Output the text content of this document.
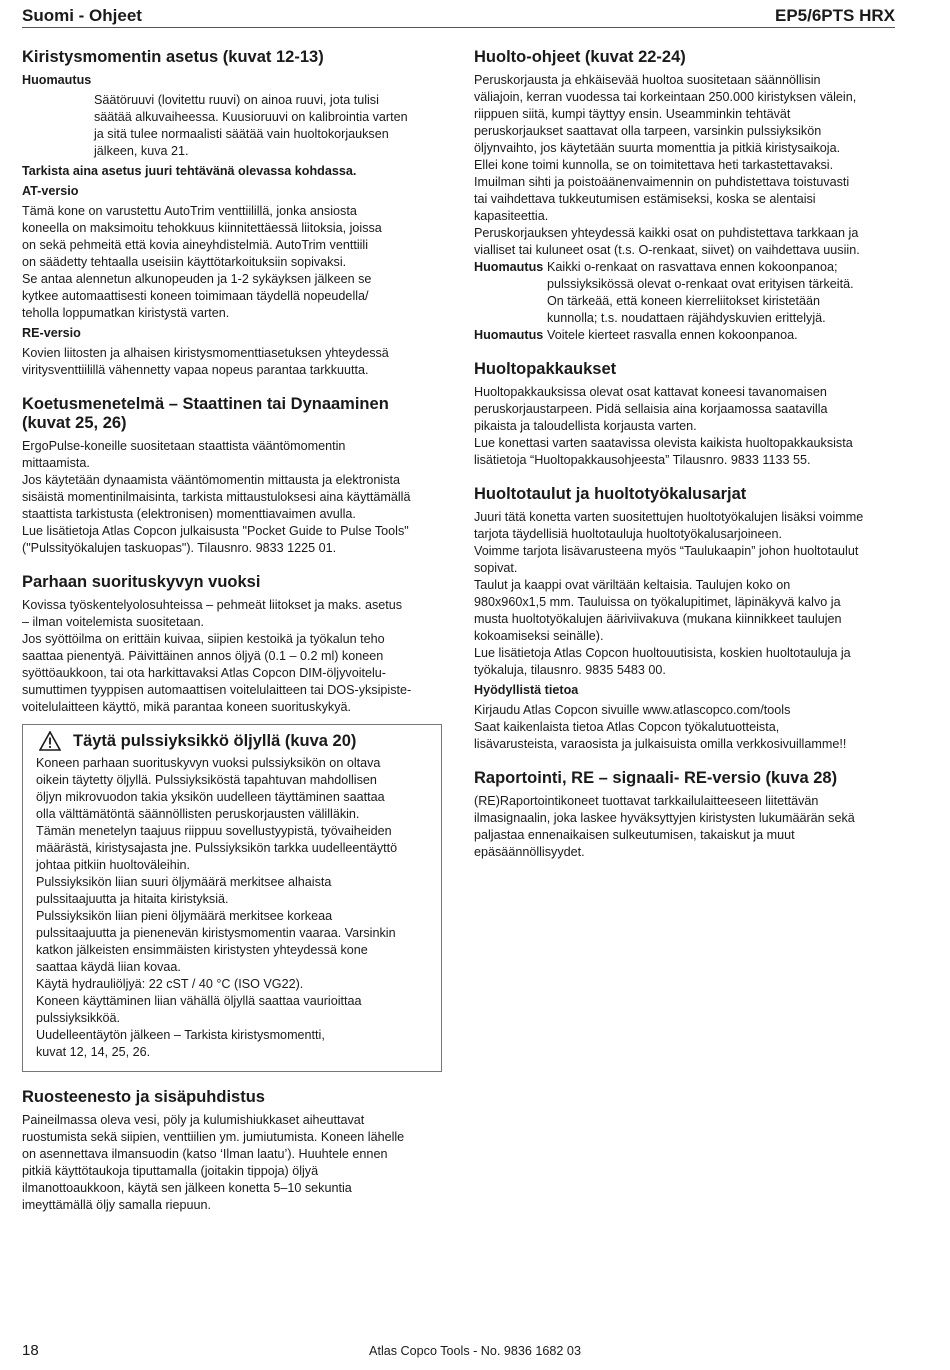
Suomi - Ohjeet	EP5/6PTS HRX
Kiristysmomentin asetus (kuvat 12-13)
Huomautus

Säätöruuvi (lovitettu ruuvi) on ainoa ruuvi, jota tulisi

säätää alkuvaiheessa. Kuusioruuvi on kalibrointia varten

ja sitä tulee normaalisti säätää vain huoltokorjauksen

jälkeen, kuva 21.

Tarkista aina asetus juuri tehtävänä olevassa kohdassa.
AT-versio

Tämä kone on varustettu AutoTrim venttiilillä, jonka ansiosta

koneella on maksimoitu tehokkuus kiinnitettäessä liitoksia, joissa

on sekä pehmeitä että kovia aineyhdistelmiä. AutoTrim venttiili

on säädetty tehtaalla useisiin käyttötarkoituksiin sopivaksi.

Se antaa alennetun alkunopeuden ja 1-2 sykäyksen jälkeen se

kytkee automaattisesti koneen toimimaan täydellä nopeudella/

teholla loppumatkan kiristystä varten.

RE-versio

Kovien liitosten ja alhaisen kiristysmomenttiasetuksen yhteydessä

viritysventtiilillä vähennetty vapaa nopeus parantaa tarkkuutta.

Koetusmenetelmä – Staattinen tai Dynaaminen
(kuvat 25, 26)

ErgoPulse-koneille suositetaan staattista vääntömomentin

mittaamista.

Jos käytetään dynaamista vääntömomentin mittausta ja elektronista

sisäistä momentinilmaisinta, tarkista mittaustuloksesi aina käyttämällä

staattista tarkistusta (elektronisen) momenttiavaimen avulla.

Lue lisätietoja Atlas Copcon julkaisusta "Pocket Guide to Pulse Tools"

("Pulssityökalujen taskuopas"). Tilausnro. 9833 1225 01.

Parhaan suorituskyvyn vuoksi

Kovissa työskentelyolosuhteissa – pehmeät liitokset ja maks. asetus

– ilman voitelemista suositetaan.

Jos syöttöilma on erittäin kuivaa, siipien kestoikä ja työkalun teho

saattaa pienentyä. Päivittäinen annos öljyä (0.1 – 0.2 ml) koneen

syöttöaukkoon, tai ota harkittavaksi Atlas Copcon DIM-öljyvoitelu-

sumuttimen tyyppisen automaattisen voitelulaitteen tai DOS-yksipiste-

voitelulaitteen käyttö, mikä parantaa koneen suorituskykyä.

Täytä pulssiyksikkö öljyllä (kuva 20)

Koneen parhaan suorituskyvyn vuoksi pulssiyksikön on oltava

oikein täytetty öljyllä. Pulssiyksiköstä tapahtuvan mahdollisen

öljyn mikrovuodon takia yksikön uudelleen täyttäminen saattaa

olla välttämätöntä säännöllisten peruskorjausten välilläkin.

Tämän menetelyn taajuus riippuu sovellustyypistä, työvaiheiden

määrästä, kiristysajasta jne. Pulssiyksikön tarkka uudelleentäyttö

johtaa pitkiin huoltoväleihin.

Pulssiyksikön liian suuri öljymäärä merkitsee alhaista

pulssitaajuutta ja hitaita kiristyksiä.

Pulssiyksikön liian pieni öljymäärä merkitsee korkeaa

pulssitaajuutta ja pienenevän kiristysmomentin vaaraa. Varsinkin

katkon jälkeisten ensimmäisten kiristysten yhteydessä kone

saattaa käydä liian kovaa.

Käytä hydrauliöljyä: 22 cST / 40 °C (ISO VG22).

Koneen käyttäminen liian vähällä öljyllä saattaa vaurioittaa

pulssiyksikköä.

Uudelleentäytön jälkeen – Tarkista kiristysmomentti,

kuvat 12, 14, 25, 26.

Ruosteenesto ja sisäpuhdistus

Paineilmassa oleva vesi, pöly ja kulumishiukkaset aiheuttavat

ruostumista sekä siipien, venttiilien ym. jumiutumista. Koneen lähelle

on asennettava ilmansuodin (katso ‘Ilman laatu’). Huuhtele ennen

pitkiä käyttötaukoja tiputtamalla (joitakin tippoja) öljyä

ilmanottoaukkoon, käytä sen jälkeen konetta 5–10 sekuntia

imeyttämällä öljy samalla riepuun.

Huolto-ohjeet (kuvat 22-24)

Peruskorjausta ja ehkäisevää huoltoa suositetaan säännöllisin

väliajoin, kerran vuodessa tai korkeintaan 250.000 kiristyksen välein,

riippuen siitä, kumpi täyttyy ensin. Useamminkin tehtävät

peruskorjaukset saattavat olla tarpeen, varsinkin pulssiyksikön

öljynvaihto, jos käytetään suurta momenttia ja pitkiä kiristysaikoja.

Ellei kone toimi kunnolla, se on toimitettava heti tarkastettavaksi.

Imuilman sihti ja poistoäänenvaimennin on puhdistettava toistuvasti

tai vaihdettava tukkeutumisen estämiseksi, koska se alentaisi

kapasiteettia.

Peruskorjauksen yhteydessä kaikki osat on puhdistettava tarkkaan ja

vialliset tai kuluneet osat (t.s. O-renkaat, siivet) on vaihdettava uusiin.

Huomautus Kaikki o-renkaat on rasvattava ennen kokoonpanoa;

pulssiyksikössä olevat o-renkaat ovat erityisen tärkeitä.

On tärkeää, että koneen kierreliitokset kiristetään

kunnolla; t.s. noudattaen räjähdyskuvien erittelyjä.

Huomautus Voitele kierteet rasvalla ennen kokoonpanoa.
Huoltopakkaukset

Huoltopakkauksissa olevat osat kattavat koneesi tavanomaisen

peruskorjaustarpeen. Pidä sellaisia aina korjaamossa saatavilla

pikaista ja taloudellista korjausta varten.

Lue konettasi varten saatavissa olevista kaikista huoltopakkauksista

lisätietoja “Huoltopakkausohjeesta” Tilausnro. 9833 1133 55.

Huoltotaulut ja huoltotyökalusarjat

Juuri tätä konetta varten suositettujen huoltotyökalujen lisäksi voimme

tarjota täydellisiä huoltotauluja huoltotyökalusarjoineen.

Voimme tarjota lisävarusteena myös “Taulukaapin” johon huoltotaulut

sopivat.

Taulut ja kaappi ovat väriltään keltaisia. Taulujen koko on

980x960x1,5 mm. Tauluissa on työkalupitimet, läpinäkyvä kalvo ja

musta huoltotyökalujen ääriviivakuva (mukana kiinnikkeet taulujen

kokoamiseksi seinälle).

Lue lisätietoja Atlas Copcon huoltouutisista, koskien huoltotauluja ja

työkaluja, tilausnro. 9835 5483 00.

Hyödyllistä tietoa

Kirjaudu Atlas Copcon sivuille www.atlascopco.com/tools

Saat kaikenlaista tietoa Atlas Copcon työkalutuotteista,

lisävarusteista, varaosista ja julkaisuista omilla verkkosivuillamme!!

Raportointi, RE – signaali- RE-versio (kuva 28)

(RE)Raportointikoneet tuottavat tarkkailulaitteeseen liitettävän

ilmasignaalin, joka laskee hyväksyttyjen kiristysten lukumäärän sekä

paljastaa ennenaikaisen sulkeutumisen, takaiskut ja muut

epäsäännöllisyydet.

18	Atlas Copco Tools - No. 9836 1682 03
